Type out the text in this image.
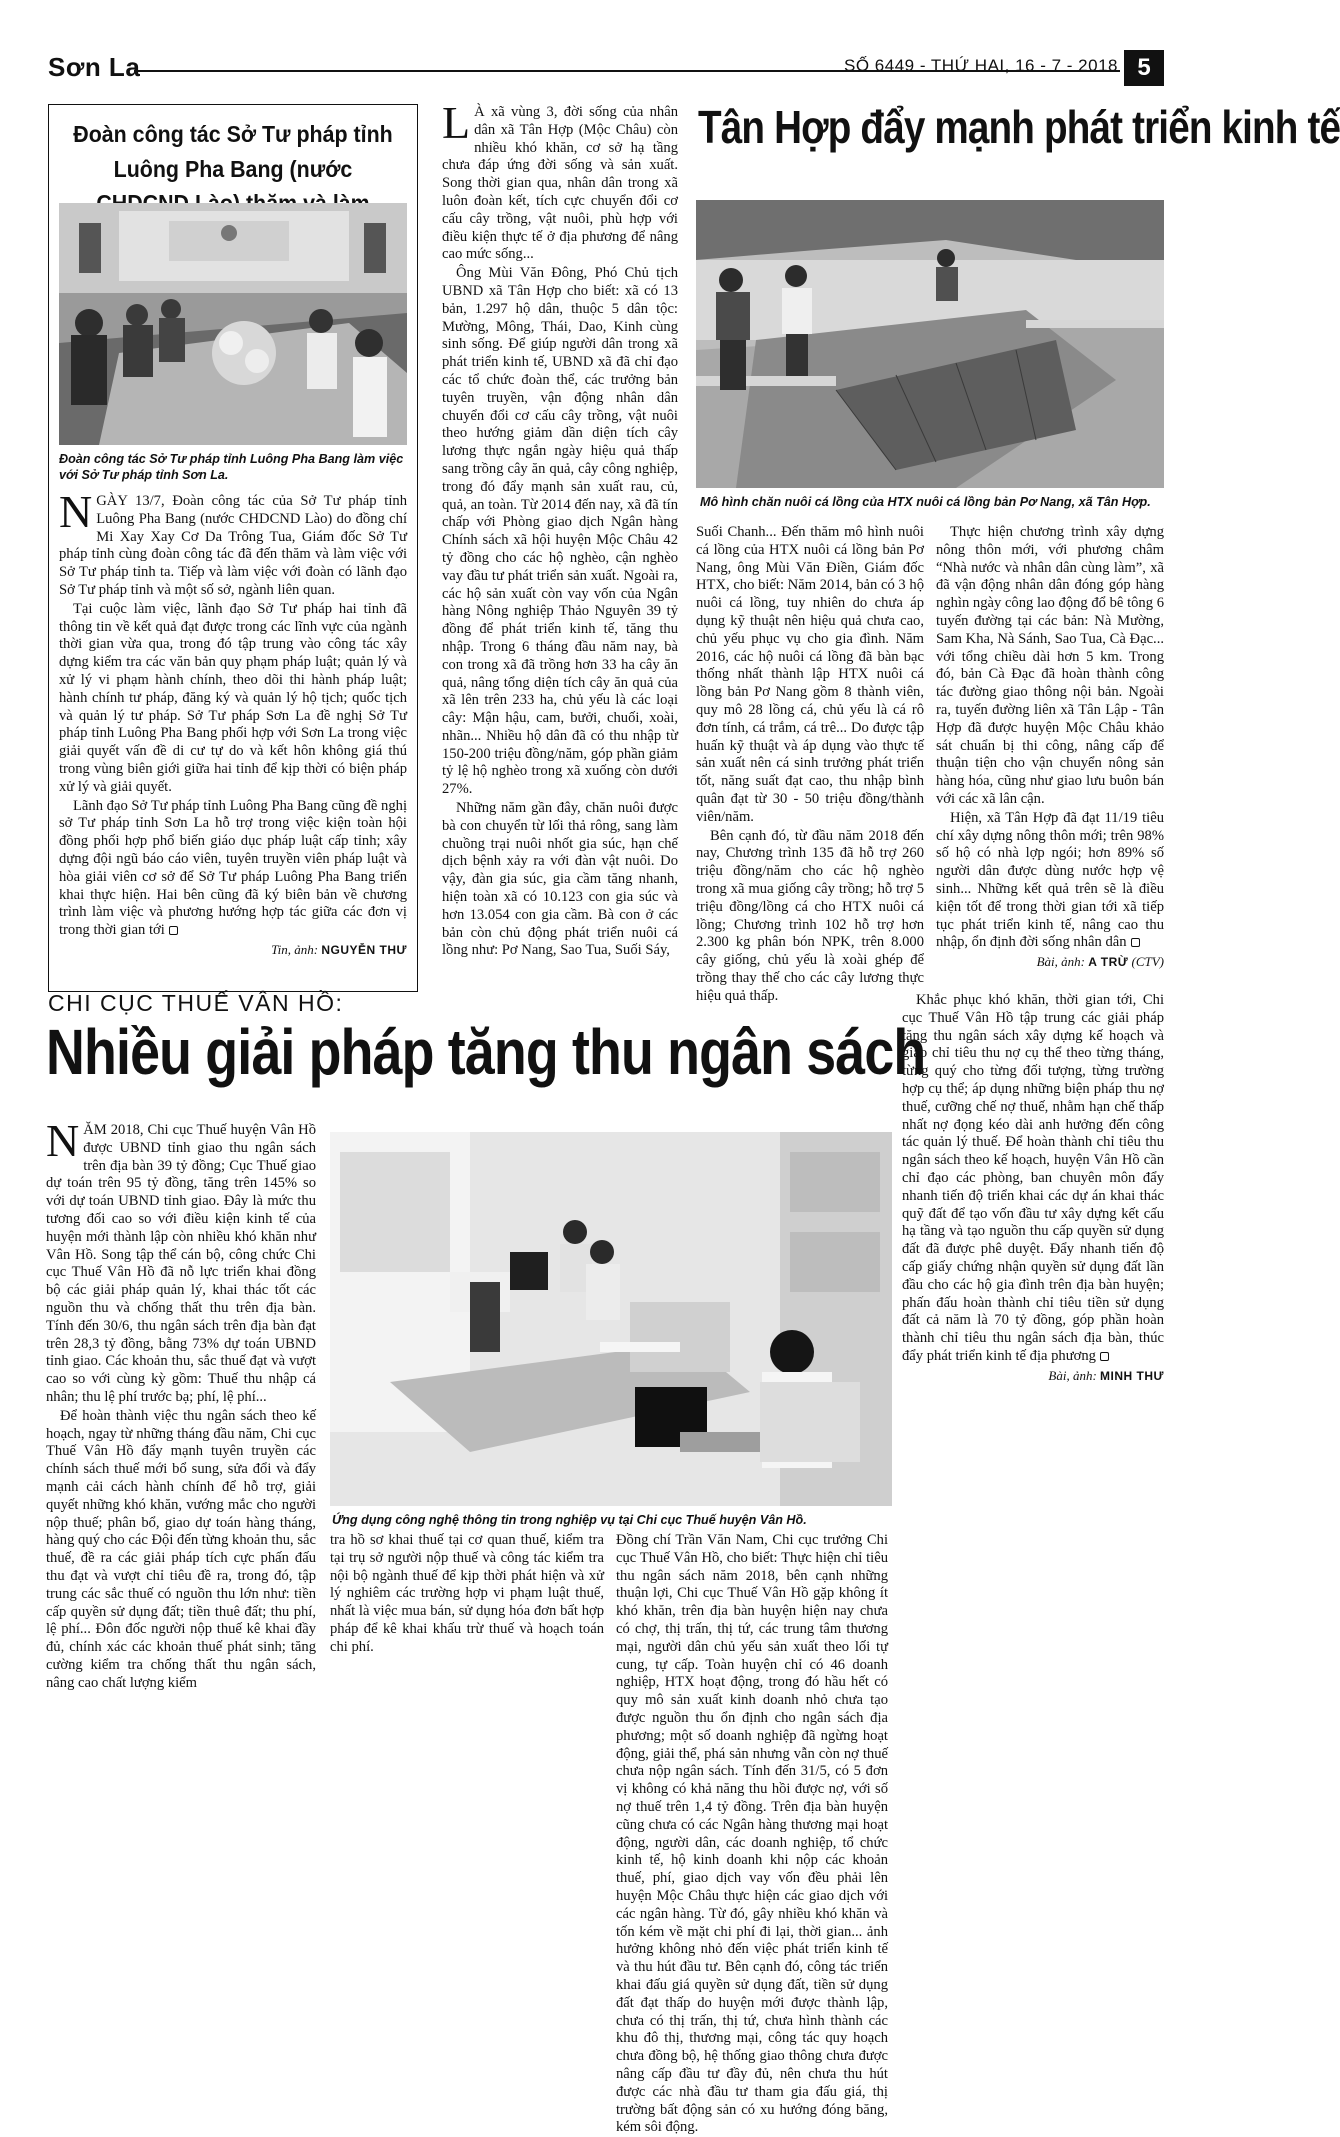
Sơn La	SỐ 6449 - THỨ HAI, 16 - 7 - 2018 5
Đoàn công tác Sở Tư pháp tỉnh Luông Pha Bang (nước
Đoàn công tác Sở Tư pháp tỉnh Luông Pha Bang làm việc với Sở Tư pháp tỉnh Sơn La.

NGÀY 13/7, Đoàn công tác của Sở Tư pháp tỉnh Luông Pha Bang (nước CHDCND Lào) do đồng chí Mi Xay Xay Cơ Da Trông Tua, Giám đốc Sở Tư pháp tỉnh cùng đoàn công tác đã đến thăm và làm việc với Sở Tư pháp tỉnh ta. Tiếp và làm việc với đoàn có lãnh đạo Sở Tư pháp tỉnh và một số sở, ngành liên quan.

Tại cuộc làm việc, lãnh đạo Sở Tư pháp hai tỉnh đã thông tin về kết quả đạt được trong các lĩnh vực của ngành thời gian vừa qua, trong đó tập trung vào công tác xây dựng kiểm tra các văn bản quy phạm pháp luật; quản lý và xử lý vi phạm hành chính, theo dõi thi hành pháp luật; hành chính tư pháp, đăng ký và quản lý hộ tịch; quốc tịch và quản lý tư pháp. Sở Tư pháp Sơn La đề nghị Sở Tư pháp tỉnh Luông Pha Bang phối hợp với Sơn La trong việc giải quyết vấn đề di cư tự do và kết hôn không giá thú trong vùng biên giới giữa hai tỉnh để kịp thời có biện pháp xử lý và giải quyết.

Lãnh đạo Sở Tư pháp tỉnh Luông Pha Bang cũng đề nghị sở Tư pháp tỉnh Sơn La hỗ trợ trong việc kiện toàn hội đồng phối hợp phổ biến giáo dục pháp luật cấp tỉnh; xây dựng đội ngũ báo cáo viên, tuyên truyền viên pháp luật và hòa giải viên cơ sở để Sở Tư pháp Luông Pha Bang triển khai thực hiện. Hai bên cũng đã ký biên bản về chương trình làm việc và phương hướng hợp tác giữa các đơn vị trong thời gian tới

Tin, ảnh: NGUYỄN THƯ

L À xã vùng 3, đời sống của nhân dân xã Tân Hợp (Mộc Châu) còn nhiều khó khăn, cơ sở hạ tầng chưa đáp ứng đời sống và sản xuất. Song thời gian qua, nhân dân trong xã luôn đoàn kết, tích cực chuyển đổi cơ cấu cây trồng, vật nuôi, phù hợp với điều kiện thực tế ở địa phương để nâng cao mức sống...

Ông Mùi Văn Đông, Phó Chủ tịch UBND xã Tân Hợp cho biết: xã có 13 bản, 1.297 hộ dân, thuộc 5 dân tộc: Mường, Mông, Thái, Dao, Kinh cùng sinh sống. Để giúp người dân trong xã phát triển kinh tế, UBND xã đã chỉ đạo các tổ chức đoàn thể, các trưởng bản tuyên truyền, vận động nhân dân chuyển đổi cơ cấu cây trồng, vật nuôi theo hướng giảm dần diện tích cây lương thực ngắn ngày hiệu quả thấp sang trồng cây ăn quả, cây công nghiệp, trong đó đẩy mạnh sản xuất rau, củ, quả, an toàn. Từ 2014 đến nay, xã đã tín chấp với Phòng giao dịch Ngân hàng Chính sách xã hội huyện Mộc Châu 42 tỷ đồng cho các hộ nghèo, cận nghèo vay đầu tư phát triển sản xuất. Ngoài ra, các hộ sản xuất còn vay vốn của Ngân hàng Nông nghiệp Thảo Nguyên 39 tỷ đồng để phát triển kinh tế, tăng thu nhập. Trong 6 tháng đầu năm nay, bà con trong xã đã trồng hơn 33 ha cây ăn quả, nâng tổng diện tích cây ăn quả của xã lên trên 233 ha, chủ yếu là các loại cây: Mận hậu, cam, bưởi, chuối, xoài, nhãn... Nhiều hộ dân đã có thu nhập từ 150-200 triệu đồng/năm, góp phần giảm tỷ lệ hộ nghèo trong xã xuống còn dưới 27%.

Những năm gần đây, chăn nuôi được bà con chuyển từ lối thả rông, sang làm chuồng trại nuôi nhốt gia súc, hạn chế dịch bệnh xảy ra với đàn vật nuôi. Do vậy, đàn gia súc, gia cầm tăng nhanh, hiện toàn xã có 10.123 con gia súc và hơn 13.054 con gia cầm. Bà con ở các bản còn chủ động phát triển nuôi cá lồng như: Pơ Nang, Sao Tua, Suối Sáy,

Tân Hợp đẩy mạnh phát triển kinh tế
Mô hình chăn nuôi cá lồng của HTX nuôi cá lồng bản Pơ Nang, xã Tân Hợp.

Suối Chanh... Đến thăm mô hình nuôi cá lồng của HTX nuôi cá lồng bản Pơ Nang, ông Mùi Văn Điền, Giám đốc HTX, cho biết: Năm 2014, bản có 3 hộ nuôi cá lồng, tuy nhiên do chưa áp dụng kỹ thuật nên hiệu quả chưa cao, chủ yếu phục vụ cho gia đình. Năm 2016, các hộ nuôi cá lồng đã bàn bạc thống nhất thành lập HTX nuôi cá lồng bản Pơ Nang gồm 8 thành viên, quy mô 28 lồng cá, chủ yếu là cá rô đơn tính, cá trắm, cá trê... Do được tập huấn kỹ thuật và áp dụng vào thực tế sản xuất nên cá sinh trưởng phát triển tốt, năng suất đạt cao, thu nhập bình quân đạt từ 30 - 50 triệu đồng/thành viên/năm.

Bên cạnh đó, từ đầu năm 2018 đến nay, Chương trình 135 đã hỗ trợ 260 triệu đồng/năm cho các hộ nghèo trong xã mua giống cây trồng; hỗ trợ 5 triệu đồng/lồng cá cho HTX nuôi cá lồng; Chương trình 102 hỗ trợ hơn 2.300 kg phân bón NPK, trên 8.000 cây giống, chủ yếu là xoài ghép để trồng thay thế cho các cây lương thực hiệu quả thấp.

Thực hiện chương trình xây dựng nông thôn mới, với phương châm “Nhà nước và nhân dân cùng làm”, xã đã vận động nhân dân đóng góp hàng nghìn ngày công lao động đổ bê tông 6 tuyến đường tại các bản: Nà Mường, Sam Kha, Nà Sánh, Sao Tua, Cà Đạc... với tổng chiều dài hơn 5 km. Trong đó, bản Cà Đạc đã hoàn thành công tác đường giao thông nội bản. Ngoài ra, tuyến đường liên xã Tân Lập - Tân Hợp đã được huyện Mộc Châu khảo sát chuẩn bị thi công, nâng cấp để thuận tiện cho vận chuyển nông sản hàng hóa, cũng như giao lưu buôn bán với các xã lân cận.

Hiện, xã Tân Hợp đã đạt 11/19 tiêu chí xây dựng nông thôn mới; trên 98% số hộ có nhà lợp ngói; hơn 89% số người dân được dùng nước hợp vệ sinh... Những kết quả trên sẽ là điều kiện tốt để trong thời gian tới xã tiếp tục phát triển kinh tế, nâng cao thu nhập, ổn định đời sống nhân dân

Bài, ảnh: A TRỪ (CTV)
CHI CỤC THUẾ VÂN HỒ:
Nhiều giải pháp tăng thu ngân sách

NĂM 2018, Chi cục Thuế huyện Vân Hồ được UBND tỉnh giao thu ngân sách trên địa bàn 39 tỷ đồng; Cục Thuế giao dự toán trên 95 tỷ đồng, tăng trên 145% so với dự toán UBND tỉnh giao. Đây là mức thu tương đối cao so với điều kiện kinh tế của huyện mới thành lập còn nhiều khó khăn như Vân Hồ. Song tập thể cán bộ, công chức Chi cục Thuế Vân Hồ đã nỗ lực triển khai đồng bộ các giải pháp quản lý, khai thác tốt các nguồn thu và chống thất thu trên địa bàn. Tính đến 30/6, thu ngân sách trên địa bàn đạt trên 28,3 tỷ đồng, bằng 73% dự toán UBND tỉnh giao. Các khoản thu, sắc thuế đạt và vượt cao so với cùng kỳ gồm: Thuế thu nhập cá nhân; thu lệ phí trước bạ; phí, lệ phí...

Để hoàn thành việc thu ngân sách theo kế hoạch, ngay từ những tháng đầu năm, Chi cục Thuế Vân Hồ đẩy mạnh tuyên truyền các chính sách thuế mới bổ sung, sửa đổi và đẩy mạnh cải cách hành chính để hỗ trợ, giải quyết những khó khăn, vướng mắc cho người nộp thuế; phân bổ, giao dự toán hàng tháng, hàng quý cho các Đội đến từng khoản thu, sắc thuế, đề ra các giải pháp tích cực phấn đấu thu đạt và vượt chỉ tiêu đề ra, trong đó, tập trung các sắc thuế có nguồn thu lớn như: tiền cấp quyền sử dụng đất; tiền thuê đất; thu phí, lệ phí... Đôn đốc người nộp thuế kê khai đầy đủ, chính xác các khoản thuế phát sinh; tăng cường kiểm tra chống thất thu ngân sách, nâng cao chất lượng kiểm

Ứng dụng công nghệ thông tin trong nghiệp vụ tại Chi cục Thuế huyện Vân Hồ.

tra hồ sơ khai thuế tại cơ quan thuế, kiểm tra tại trụ sở người nộp thuế và công tác kiểm tra nội bộ ngành thuế để kịp thời phát hiện và xử lý nghiêm các trường hợp vi phạm luật thuế, nhất là việc mua bán, sử dụng hóa đơn bất hợp pháp để kê khai khấu trừ thuế và hoạch toán chi phí.

Đồng chí Trần Văn Nam, Chi cục trưởng Chi cục Thuế Vân Hồ, cho biết: Thực hiện chỉ tiêu thu ngân sách năm 2018, bên cạnh những thuận lợi, Chi cục Thuế Vân Hồ gặp không ít khó khăn, trên địa bàn huyện hiện nay chưa có chợ, thị trấn, thị tứ, các trung tâm thương mại, người dân chủ yếu sản xuất theo lối tự cung, tự cấp. Toàn huyện chỉ có 46 doanh nghiệp, HTX hoạt động, trong đó hầu hết có quy mô sản xuất kinh doanh nhỏ chưa tạo được nguồn thu ổn định cho ngân sách địa phương; một số doanh nghiệp đã ngừng hoạt động, giải thể, phá sản nhưng vẫn còn nợ thuế chưa nộp ngân sách. Tính đến 31/5, có 5 đơn vị không có khả năng thu hồi được nợ, với số nợ thuế trên 1,4 tỷ đồng. Trên địa bàn huyện cũng chưa có các Ngân hàng thương mại hoạt động, người dân, các doanh nghiệp, tổ chức kinh tế, hộ kinh doanh khi nộp các khoản thuế, phí, giao dịch vay vốn đều phải lên huyện Mộc Châu thực hiện các giao dịch với các ngân hàng. Từ đó, gây nhiều khó khăn và tốn kém về mặt chi phí đi lại, thời gian... ảnh hưởng không nhỏ đến việc phát triển kinh tế và thu hút đầu tư. Bên cạnh đó, công tác triển khai đấu giá quyền sử dụng đất, tiền sử dụng đất đạt thấp do huyện mới được thành lập, chưa có thị trấn, thị tứ, chưa hình thành các khu đô thị, thương mại, công tác quy hoạch chưa đồng bộ, hệ thống giao thông chưa được nâng cấp đầu tư đầy đủ, nên chưa thu hút được các nhà đầu tư tham gia đấu giá, thị trường bất động sản có xu hướng đóng băng, kém sôi động.

Khắc phục khó khăn, thời gian tới, Chi cục Thuế Vân Hồ tập trung các giải pháp tăng thu ngân sách xây dựng kế hoạch và giao chỉ tiêu thu nợ cụ thể theo từng tháng, từng quý cho từng đối tượng, từng trường hợp cụ thể; áp dụng những biện pháp thu nợ thuế, cưỡng chế nợ thuế, nhằm hạn chế thấp nhất nợ đọng kéo dài anh hưởng đến công tác quản lý thuế. Để hoàn thành chỉ tiêu thu ngân sách theo kế hoạch, huyện Vân Hồ cần chỉ đạo các phòng, ban chuyên môn đẩy nhanh tiến độ triển khai các dự án khai thác quỹ đất để tạo vốn đầu tư xây dựng kết cấu hạ tầng và tạo nguồn thu cấp quyền sử dụng đất đã được phê duyệt. Đẩy nhanh tiến độ cấp giấy chứng nhận quyền sử dụng đất lần đầu cho các hộ gia đình trên địa bàn huyện; phấn đấu hoàn thành chỉ tiêu tiền sử dụng đất cả năm là 70 tỷ đồng, góp phần hoàn thành chỉ tiêu thu ngân sách địa bàn, thúc đẩy phát triển kinh tế địa phương

Bài, ảnh: MINH THƯ
